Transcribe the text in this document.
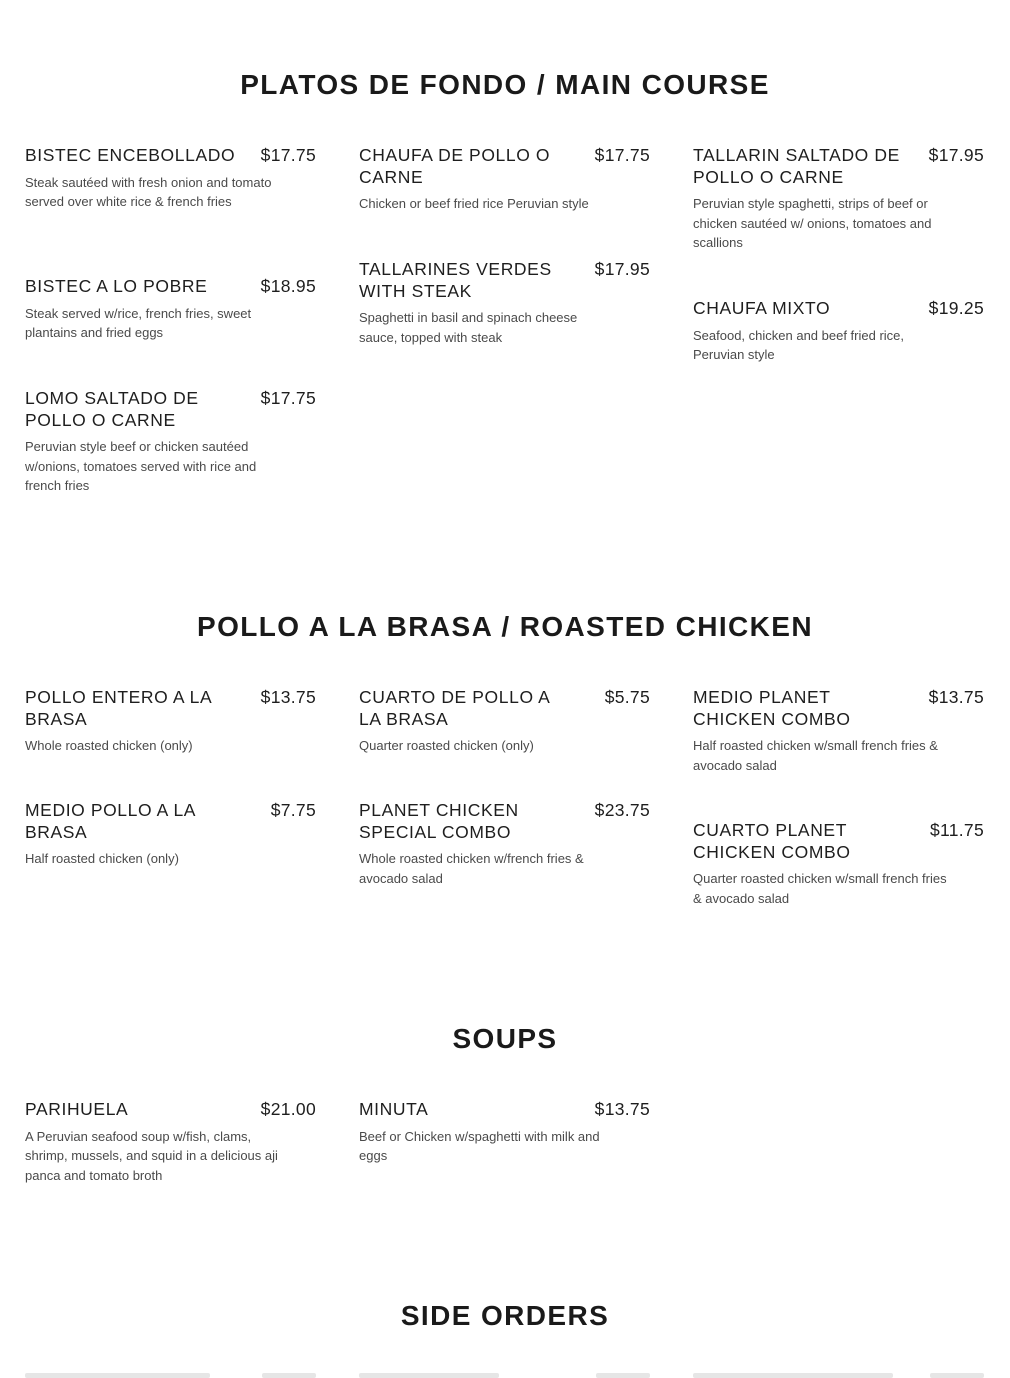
PLATOS DE FONDO / MAIN COURSE
BISTEC ENCEBOLLADO $17.75
Steak sautéed with fresh onion and tomato served over white rice & french fries
BISTEC A LO POBRE	$18.95
Steak served w/rice, french fries, sweet plantains and fried eggs
LOMO SALTADO DE POLLO O CARNE
$17.75
Peruvian style beef or chicken sautéed w/onions, tomatoes served with rice and french fries
CHAUFA DE POLLO O CARNE
$17.75
Chicken or beef fried rice Peruvian style
TALLARINES VERDES WITH STEAK
$17.95
Spaghetti in basil and spinach cheese sauce, topped with steak
TALLARIN SALTADO DE POLLO O CARNE
$17.95
Peruvian style spaghetti, strips of beef or chicken sautéed w/ onions, tomatoes and scallions
CHAUFA MIXTO	$19.25
Seafood, chicken and beef fried rice, Peruvian style
POLLO A LA BRASA / ROASTED CHICKEN
POLLO ENTERO A LA BRASA
$13.75
Whole roasted chicken (only)
MEDIO POLLO A LA BRASA
$7.75
Half roasted chicken (only)
CUARTO DE POLLO A LA BRASA
$5.75
Quarter roasted chicken (only)
PLANET CHICKEN SPECIAL COMBO
$23.75
Whole roasted chicken w/french fries & avocado salad
MEDIO PLANET CHICKEN COMBO
$13.75
Half roasted chicken w/small french fries & avocado salad
CUARTO PLANET CHICKEN COMBO
$11.75
Quarter roasted chicken w/small french fries & avocado salad
SOUPS
PARIHUELA	$21.00
A Peruvian seafood soup w/fish, clams, shrimp, mussels, and squid in a delicious aji panca and tomato broth
MINUTA	$13.75
Beef or Chicken w/spaghetti with milk and eggs
SIDE ORDERS
